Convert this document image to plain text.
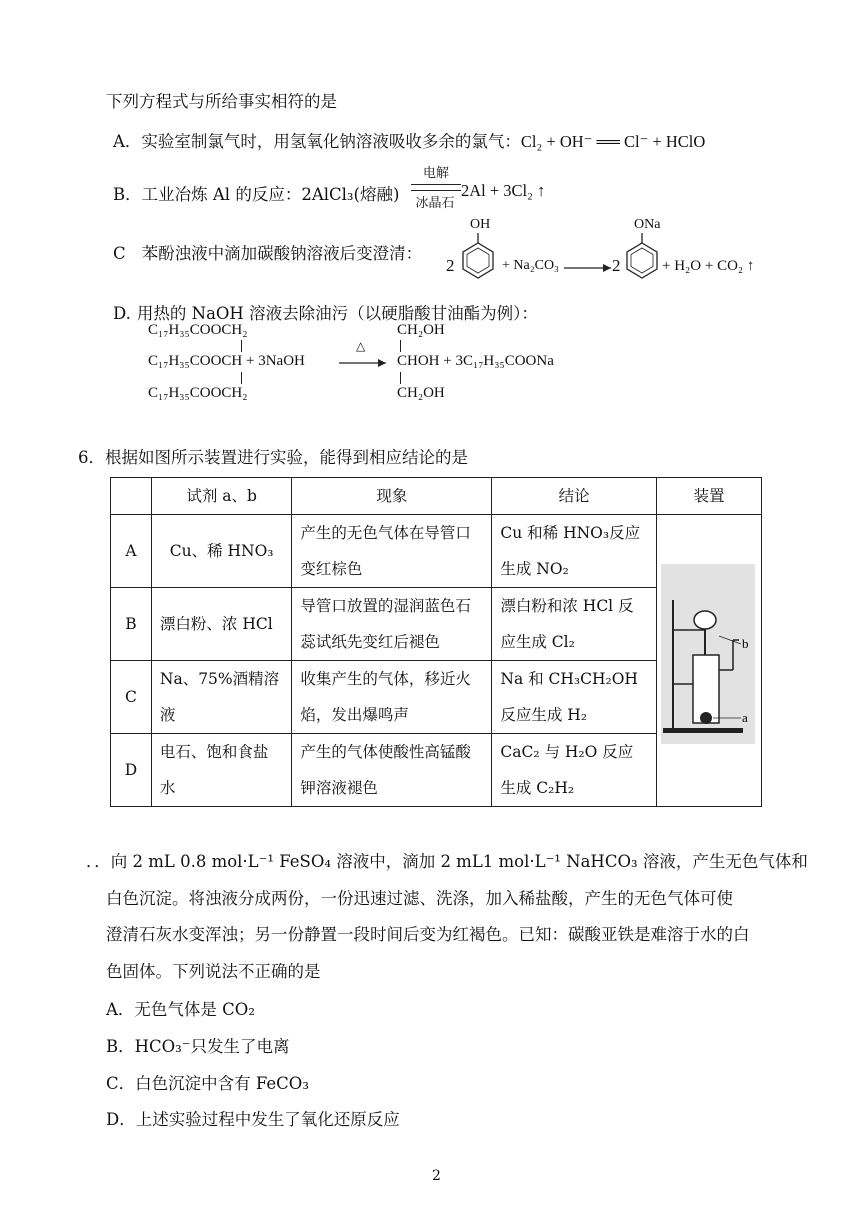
下列方程式与所给事实相符的是
A．实验室制氯气时，用氢氧化钠溶液吸收多余的氯气：Cl₂ + OH⁻ ══ Cl⁻ + HClO
B．工业冶炼 Al 的反应：2AlCl₃(熔融)
电解
冰晶石
2Al + 3Cl₂ ↑
C 苯酚浊液中滴加碳酸钠溶液后变澄清：
OH
2	+ Na₂CO₃
ONa
2	+ H₂O + CO₂ ↑
D. 用热的 NaOH 溶液去除油污（以硬脂酸甘油酯为例）：
C₁₇H₃₅COOCH₂
C₁₇H₃₅COOCH + 3NaOH
C₁₇H₃₅COOCH₂
△
CH₂OH
CHOH + 3C₁₇H₃₅COONa
CH₂OH
6．根据如图所示装置进行实验，能得到相应结论的是
	试剂 a、b	现象	结论	装置
A	Cu、稀 HNO₃	产生的无色气体在导管口变红棕色	Cu 和稀 HNO₃反应生成 NO₂	b
a

B	漂白粉、浓 HCl	导管口放置的湿润蓝色石蕊试纸先变红后褪色	漂白粉和浓 HCl 反应生成 Cl₂	
C	Na、75%酒精溶液	收集产生的气体，移近火焰，发出爆鸣声	Na 和 CH₃CH₂OH 反应生成 H₂	
D	电石、饱和食盐水	产生的气体使酸性高锰酸钾溶液褪色	CaC₂ 与 H₂O 反应生成 C₂H₂	
．．向 2 mL 0.8 mol·L⁻¹ FeSO₄ 溶液中，滴加 2 mL1 mol·L⁻¹ NaHCO₃ 溶液，产生无色气体和
白色沉淀。将浊液分成两份，一份迅速过滤、洗涤，加入稀盐酸，产生的无色气体可使
澄清石灰水变浑浊；另一份静置一段时间后变为红褐色。已知：碳酸亚铁是难溶于水的白
色固体。下列说法不正确的是
A．无色气体是 CO₂
B．HCO₃⁻只发生了电离
C．白色沉淀中含有 FeCO₃
D．上述实验过程中发生了氧化还原反应
2
